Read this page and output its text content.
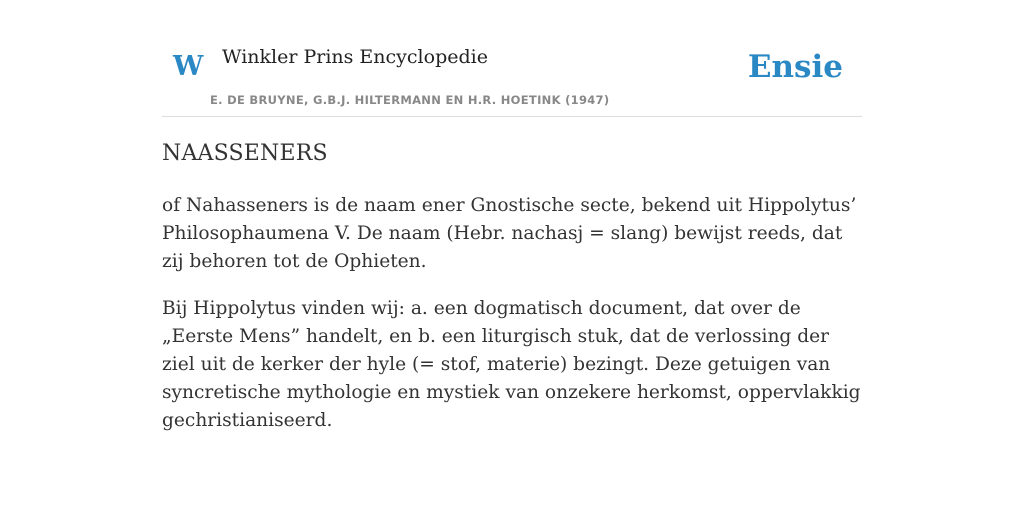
W Winkler Prins Encyclopedie
E. DE BRUYNE, G.B.J. HILTERMANN EN H.R. HOETINK (1947)
Ensie
NAASSENERS

of Nahasseners is de naam ener Gnostische secte, bekend uit Hippolytus’ Philosophaumena V. De naam (Hebr. nachasj = slang) bewijst reeds, dat zij behoren tot de Ophieten.

Bij Hippolytus vinden wij: a. een dogmatisch document, dat over de „Eerste Mens” handelt, en b. een liturgisch stuk, dat de verlossing der ziel uit de kerker der hyle (= stof, materie) bezingt. Deze getuigen van syncretische mythologie en mystiek van onzekere herkomst, oppervlakkig gechristianiseerd.
